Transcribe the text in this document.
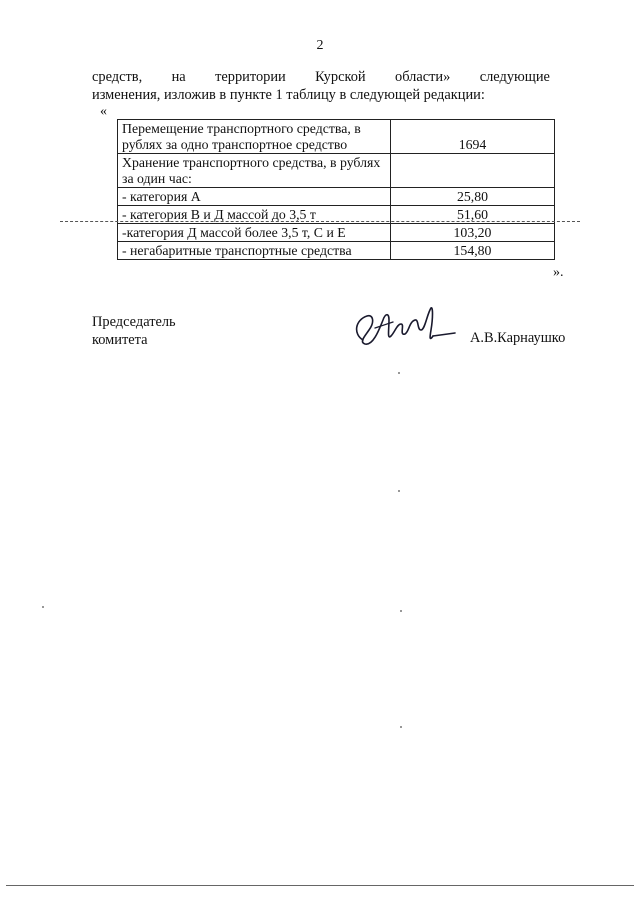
2
средств, на территории Курской области» следующие
изменения, изложив в пункте 1 таблицу в следующей редакции:
«
Перемещение транспортного средства, в рублях за одно транспортное средство	1694
Хранение транспортного средства, в рублях за один час:	
- категория А	25,80
- категория В и Д массой до 3,5 т	51,60
-категория Д массой более 3,5 т, С и Е	103,20
- негабаритные транспортные средства	154,80
».
Председатель
комитета	А.В.Карнаушко
